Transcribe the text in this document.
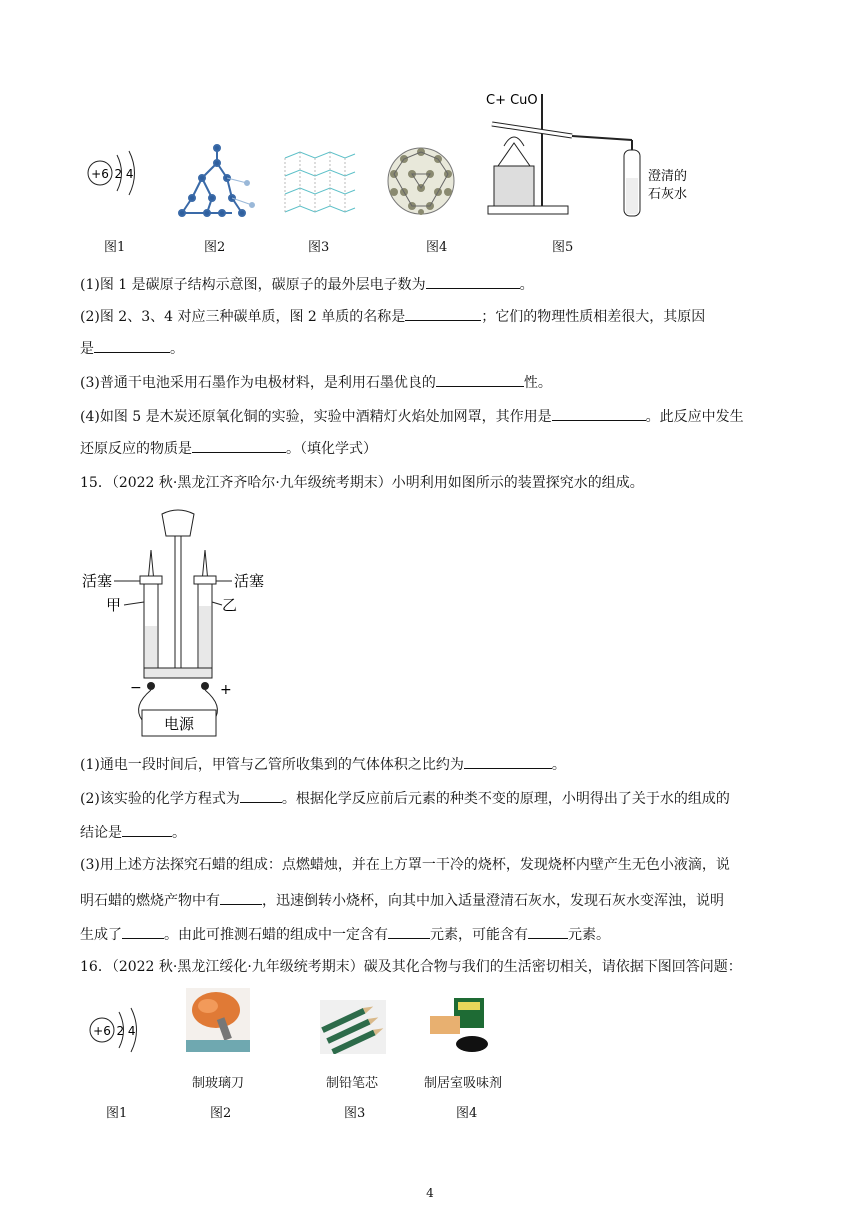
+6 2 4
C+ CuO
澄清的
石灰水
图1	图2	图3	图4	图5
(1)图 1 是碳原子结构示意图，碳原子的最外层电子数为	。
(2)图 2、3、4 对应三种碳单质，图 2 单质的名称是	；它们的物理性质相差很大，其原因
是	。
(3)普通干电池采用石墨作为电极材料，是利用石墨优良的	性。
(4)如图 5 是木炭还原氧化铜的实验，实验中酒精灯火焰处加网罩，其作用是	。此反应中发生
还原反应的物质是	。（填化学式）
15．（2022 秋·黑龙江齐齐哈尔·九年级统考期末）小明利用如图所示的装置探究水的组成。
电源
活塞	活塞
甲	乙
−	+
(1)通电一段时间后，甲管与乙管所收集到的气体体积之比约为	。
(2)该实验的化学方程式为	。根据化学反应前后元素的种类不变的原理，小明得出了关于水的组成的
结论是	。
(3)用上述方法探究石蜡的组成：点燃蜡烛，并在上方罩一干冷的烧杯，发现烧杯内壁产生无色小液滴，说
明石蜡的燃烧产物中有	，迅速倒转小烧杯，向其中加入适量澄清石灰水，发现石灰水变浑浊，说明
生成了	。由此可推测石蜡的组成中一定含有	元素，可能含有	元素。
16．（2022 秋·黑龙江绥化·九年级统考期末）碳及其化合物与我们的生活密切相关，请依据下图回答问题：
+6 2 4
制玻璃刀	制铅笔芯	制居室吸味剂
图1	图2	图3	图4
4
